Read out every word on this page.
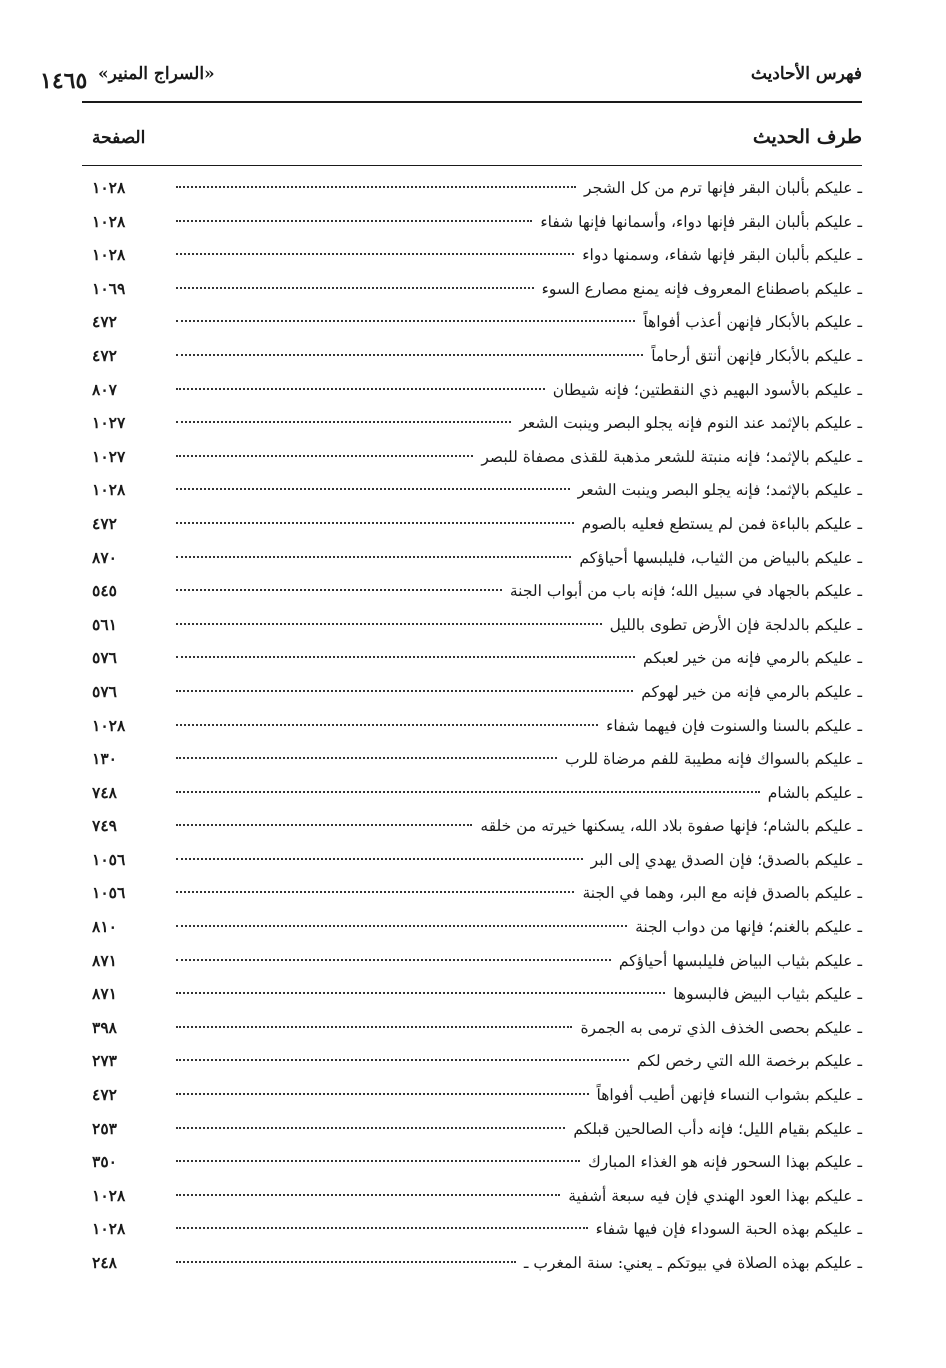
فهرس الأحاديث
«السراج المنير»
١٤٦٥
طرف الحديث
الصفحة
ـ عليكم بألبان البقر فإنها ترم من كل الشجر
١٠٢٨
ـ عليكم بألبان البقر فإنها دواء، وأسمانها فإنها شفاء
١٠٢٨
ـ عليكم بألبان البقر فإنها شفاء، وسمنها دواء
١٠٢٨
ـ عليكم باصطناع المعروف فإنه يمنع مصارع السوء
١٠٦٩
ـ عليكم بالأبكار فإنهن أعذب أفواهاً
٤٧٢
ـ عليكم بالأبكار فإنهن أنتق أرحاماً
٤٧٢
ـ عليكم بالأسود البهيم ذي النقطتين؛ فإنه شيطان
٨٠٧
ـ عليكم بالإثمد عند النوم فإنه يجلو البصر وينبت الشعر
١٠٢٧
ـ عليكم بالإثمد؛ فإنه منبتة للشعر مذهبة للقذى مصفاة للبصر
١٠٢٧
ـ عليكم بالإثمد؛ فإنه يجلو البصر وينبت الشعر
١٠٢٨
ـ عليكم بالباءة فمن لم يستطع فعليه بالصوم
٤٧٢
ـ عليكم بالبياض من الثياب، فليلبسها أحياؤكم
٨٧٠
ـ عليكم بالجهاد في سبيل الله؛ فإنه باب من أبواب الجنة
٥٤٥
ـ عليكم بالدلجة فإن الأرض تطوى بالليل
٥٦١
ـ عليكم بالرمي فإنه من خير لعبكم
٥٧٦
ـ عليكم بالرمي فإنه من خير لهوكم
٥٧٦
ـ عليكم بالسنا والسنوت فإن فيهما شفاء
١٠٢٨
ـ عليكم بالسواك فإنه مطيبة للفم مرضاة للرب
١٣٠
ـ عليكم بالشام
٧٤٨
ـ عليكم بالشام؛ فإنها صفوة بلاد الله، يسكنها خيرته من خلقه
٧٤٩
ـ عليكم بالصدق؛ فإن الصدق يهدي إلى البر
١٠٥٦
ـ عليكم بالصدق فإنه مع البر، وهما في الجنة
١٠٥٦
ـ عليكم بالغنم؛ فإنها من دواب الجنة
٨١٠
ـ عليكم بثياب البياض فليلبسها أحياؤكم
٨٧١
ـ عليكم بثياب البيض فالبسوها
٨٧١
ـ عليكم بحصى الخذف الذي ترمى به الجمرة
٣٩٨
ـ عليكم برخصة الله التي رخص لكم
٢٧٣
ـ عليكم بشواب النساء فإنهن أطيب أفواهاً
٤٧٢
ـ عليكم بقيام الليل؛ فإنه دأب الصالحين قبلكم
٢٥٣
ـ عليكم بهذا السحور فإنه هو الغذاء المبارك
٣٥٠
ـ عليكم بهذا العود الهندي فإن فيه سبعة أشفية
١٠٢٨
ـ عليكم بهذه الحبة السوداء فإن فيها شفاء
١٠٢٨
ـ عليكم بهذه الصلاة في بيوتكم ـ يعني: سنة المغرب ـ
٢٤٨
